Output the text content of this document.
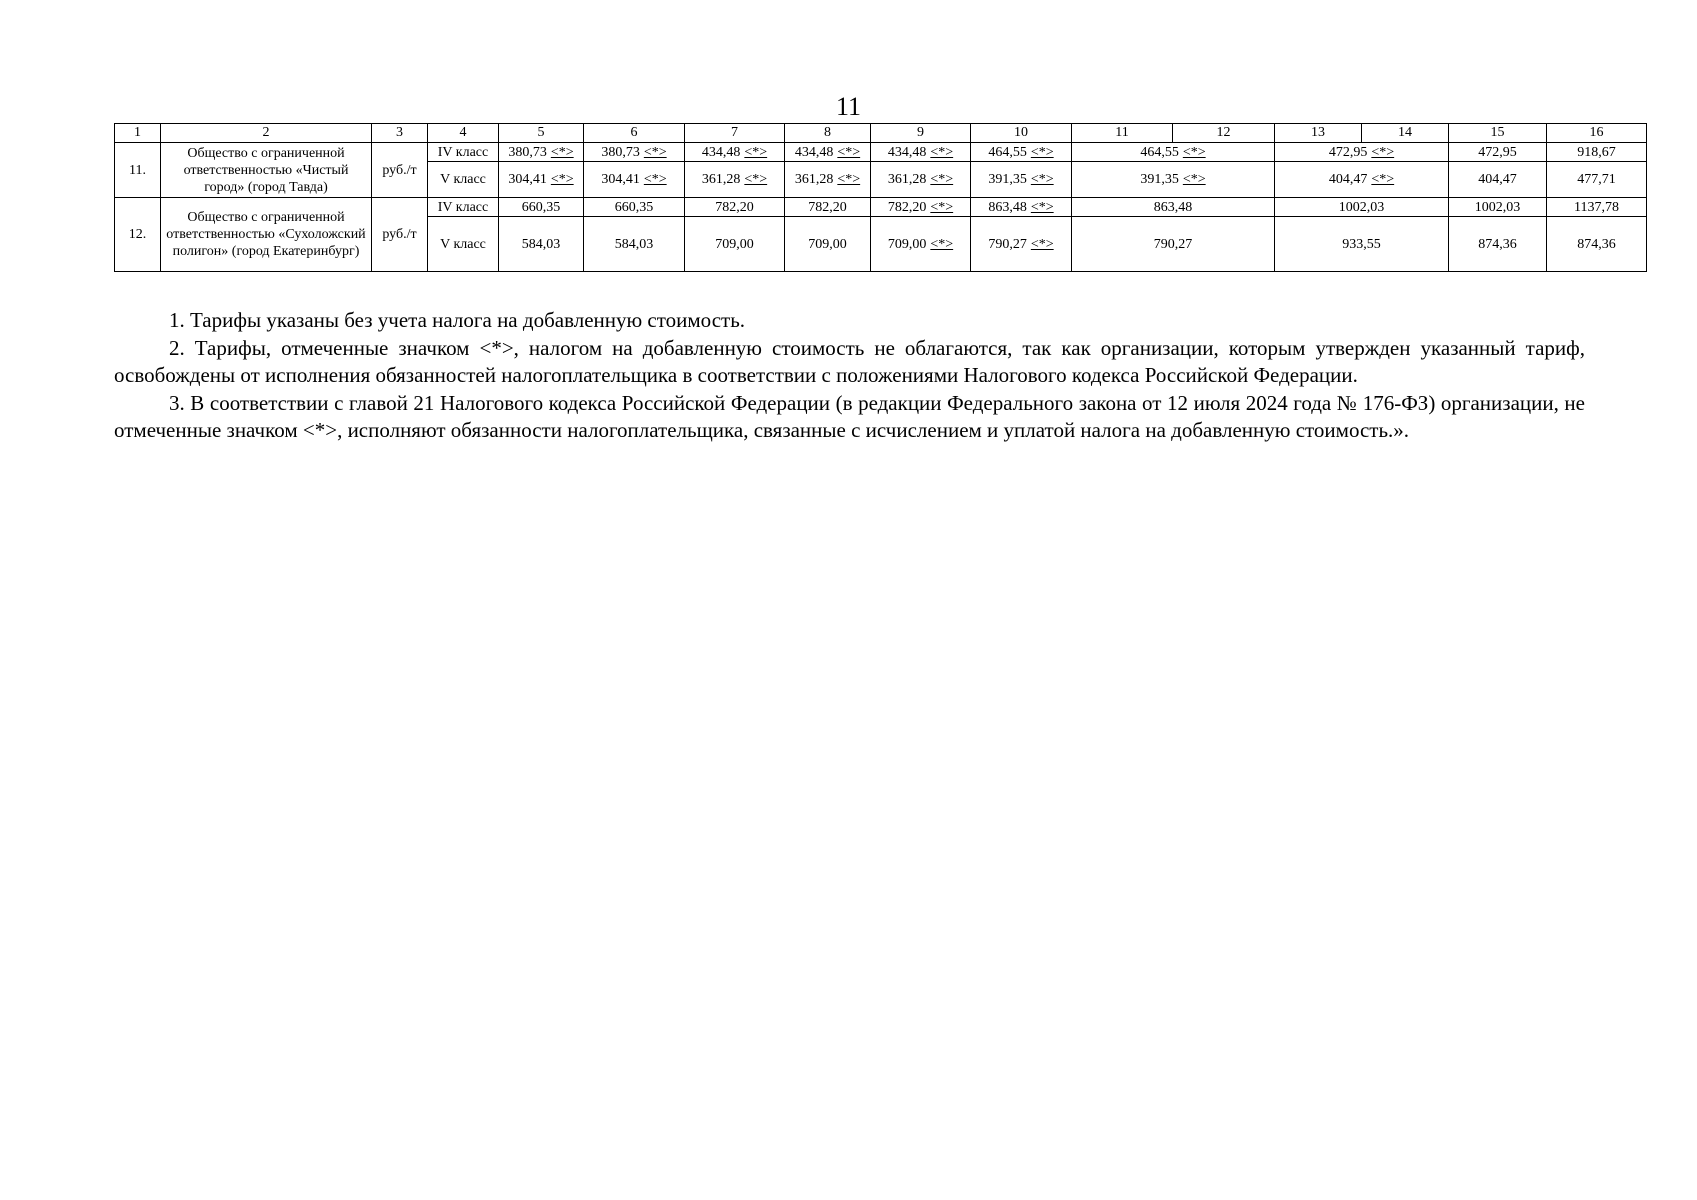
11
1	2	3	4	5	6	7	8	9	10	11	12	13	14	15	16
11.	Общество с ограниченной ответственностью «Чистый город» (город Тавда)	руб./т	IV класс	380,73 <*>	380,73 <*>	434,48 <*>	434,48 <*>	434,48 <*>	464,55 <*>	464,55 <*>		472,95 <*>		472,95	918,67
			V класс	304,41 <*>	304,41 <*>	361,28 <*>	361,28 <*>	361,28 <*>	391,35 <*>	391,35 <*>		404,47 <*>		404,47	477,71
12.	Общество с ограниченной ответственностью «Сухоложский полигон» (город Екатеринбург)	руб./т	IV класс	660,35	660,35	782,20	782,20	782,20 <*>	863,48 <*>	863,48		1002,03		1002,03	1137,78
			V класс	584,03	584,03	709,00	709,00	709,00 <*>	790,27 <*>	790,27		933,55		874,36	874,36

1. Тарифы указаны без учета налога на добавленную стоимость.

2. Тарифы, отмеченные значком <*>, налогом на добавленную стоимость не облагаются, так как организации, которым утвержден указанный тариф, освобождены от исполнения обязанностей налогоплательщика в соответствии с положениями Налогового кодекса Российской Федерации.

3. В соответствии с главой 21 Налогового кодекса Российской Федерации (в редакции Федерального закона от 12 июля 2024 года № 176-ФЗ) организации, не отмеченные значком <*>, исполняют обязанности налогоплательщика, связанные с исчислением и уплатой налога на добавленную стоимость.».
